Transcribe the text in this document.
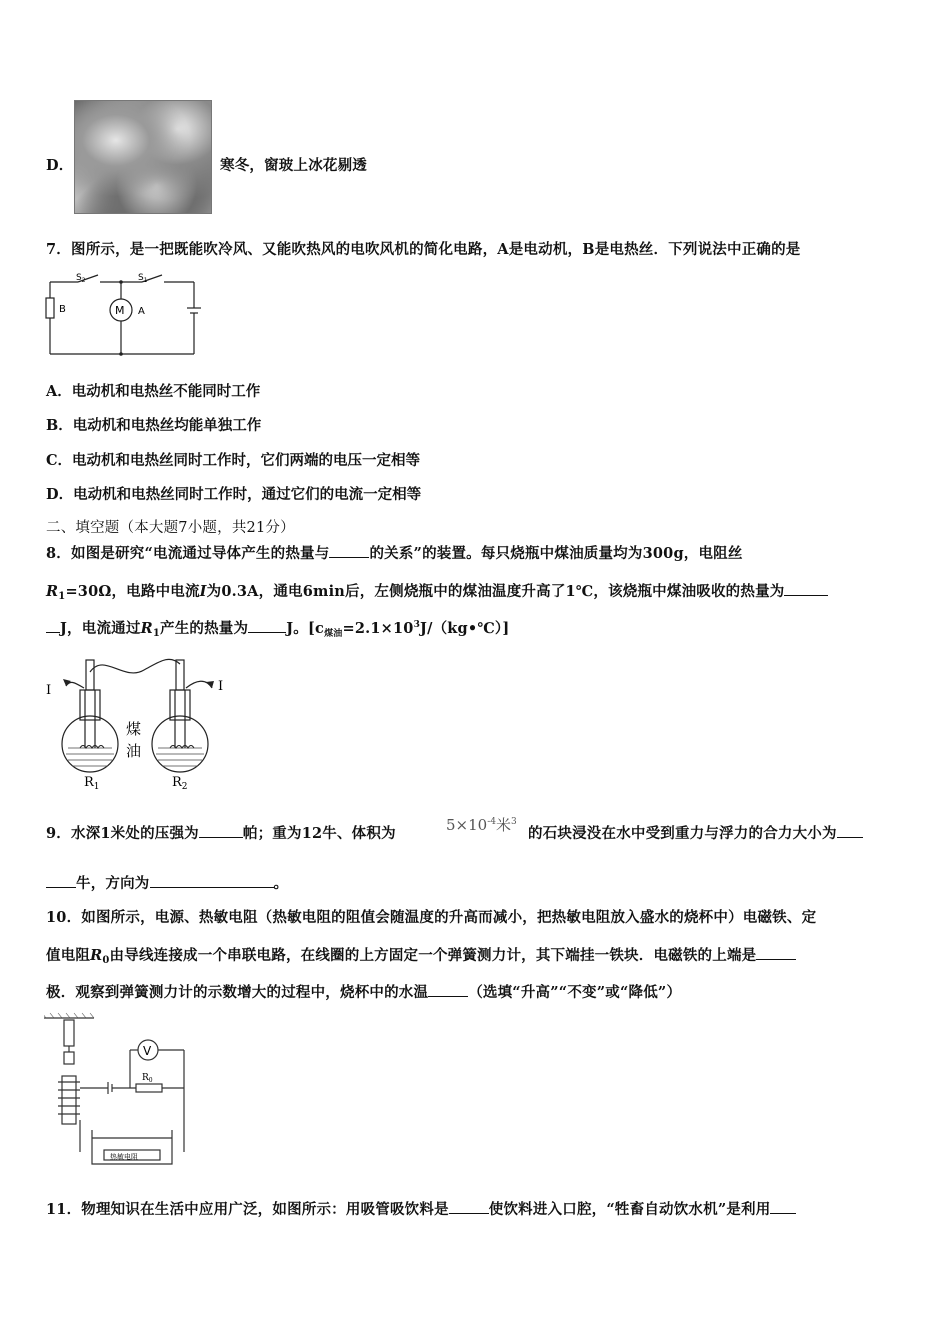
D．	寒冬，窗玻上冰花剔透
7．图所示，是一把既能吹冷风、又能吹热风的电吹风机的简化电路，A是电动机，B是电热丝．下列说法中正确的是
$S_2$	$S_1$
B	M A
A．电动机和电热丝不能同时工作
B．电动机和电热丝均能单独工作
C．电动机和电热丝同时工作时，它们两端的电压一定相等
D．电动机和电热丝同时工作时，通过它们的电流一定相等
二、填空题（本大题7小题，共21分）
8．如图是研究“电流通过导体产生的热量与	的关系”的装置。每只烧瓶中煤油质量均为300g，电阻丝
$R_1=30\Omega$，电路中电流I为0.3A，通电6min后，左侧烧瓶中的煤油温度升高了1℃，该烧瓶中煤油吸收的热量为
J，电流通过$R_1$产生的热量为	J。$[c_{煤油}=2.1\times 10^3J/(kg•℃)]$
I	I
煤
油
$R_1$	$R_2$
9．水深1米处的压强为	帕；重为12牛、体积为	$5\times 10^{-4}$米$^3$
的石块浸没在水中受到重力与浮力的合力大小为
牛，方向为	。
10．如图所示，电源、热敏电阻（热敏电阻的阻值会随温度的升高而减小，把热敏电阻放入盛水的烧杯中）电磁铁、定
值电阻$R_0$由导线连接成一个串联电路，在线圈的上方固定一个弹簧测力计，其下端挂一铁块．电磁铁的上端是
极．观察到弹簧测力计的示数增大的过程中，烧杯中的水温	（选填“升高”“不变”或“降低”）
V
$R_0$
热敏电阻
11．物理知识在生活中应用广泛，如图所示：用吸管吸饮料是	使饮料进入口腔，“牲畜自动饮水机”是利用
